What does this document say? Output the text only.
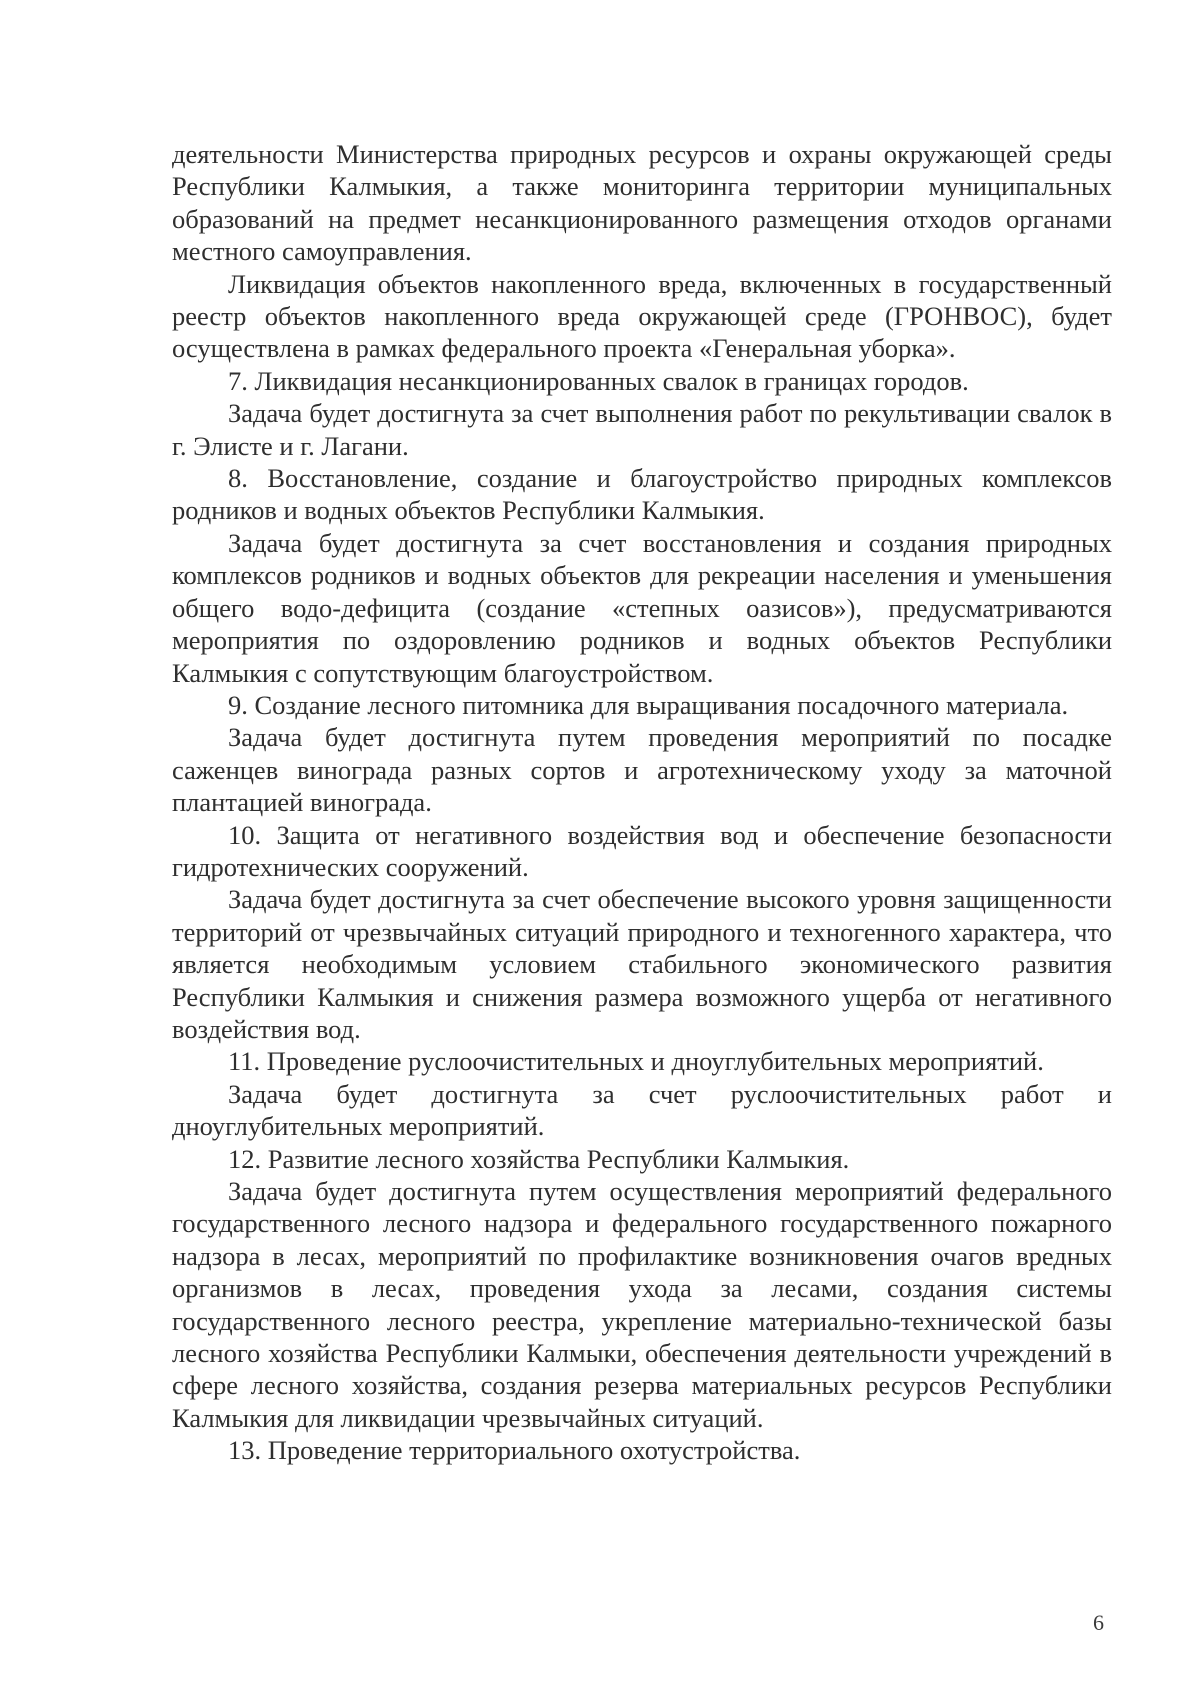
деятельности Министерства природных ресурсов и охраны окружающей среды Республики Калмыкия, а также мониторинга территории муниципальных образований на предмет несанкционированного размещения отходов органами местного самоуправления.

Ликвидация объектов накопленного вреда, включенных в государственный реестр объектов накопленного вреда окружающей среде (ГРОНВОС), будет осуществлена в рамках федерального проекта «Генеральная уборка».

7. Ликвидация несанкционированных свалок в границах городов.

Задача будет достигнута за счет выполнения работ по рекультивации свалок в г. Элисте и г. Лагани.

8. Восстановление, создание и благоустройство природных комплексов родников и водных объектов Республики Калмыкия.

Задача будет достигнута за счет восстановления и создания природных комплексов родников и водных объектов для рекреации населения и уменьшения общего водо-дефицита (создание «степных оазисов»), предусматриваются мероприятия по оздоровлению родников и водных объектов Республики Калмыкия с сопутствующим благоустройством.

9. Создание лесного питомника для выращивания посадочного материала.

Задача будет достигнута путем проведения мероприятий по посадке саженцев винограда разных сортов и агротехническому уходу за маточной плантацией винограда.

10. Защита от негативного воздействия вод и обеспечение безопасности гидротехнических сооружений.

Задача будет достигнута за счет обеспечение высокого уровня защищенности территорий от чрезвычайных ситуаций природного и техногенного характера, что является необходимым условием стабильного экономического развития Республики Калмыкия и снижения размера возможного ущерба от негативного воздействия вод.

11. Проведение руслоочистительных и дноуглубительных мероприятий.

Задача будет достигнута за счет руслоочистительных работ и дноуглубительных мероприятий.

12. Развитие лесного хозяйства Республики Калмыкия.

Задача будет достигнута путем осуществления мероприятий федерального государственного лесного надзора и федерального государственного пожарного надзора в лесах, мероприятий по профилактике возникновения очагов вредных организмов в лесах, проведения ухода за лесами, создания системы государственного лесного реестра, укрепление материально-технической базы лесного хозяйства Республики Калмыки, обеспечения деятельности учреждений в сфере лесного хозяйства, создания резерва материальных ресурсов Республики Калмыкия для ликвидации чрезвычайных ситуаций.

13. Проведение территориального охотустройства.

6
